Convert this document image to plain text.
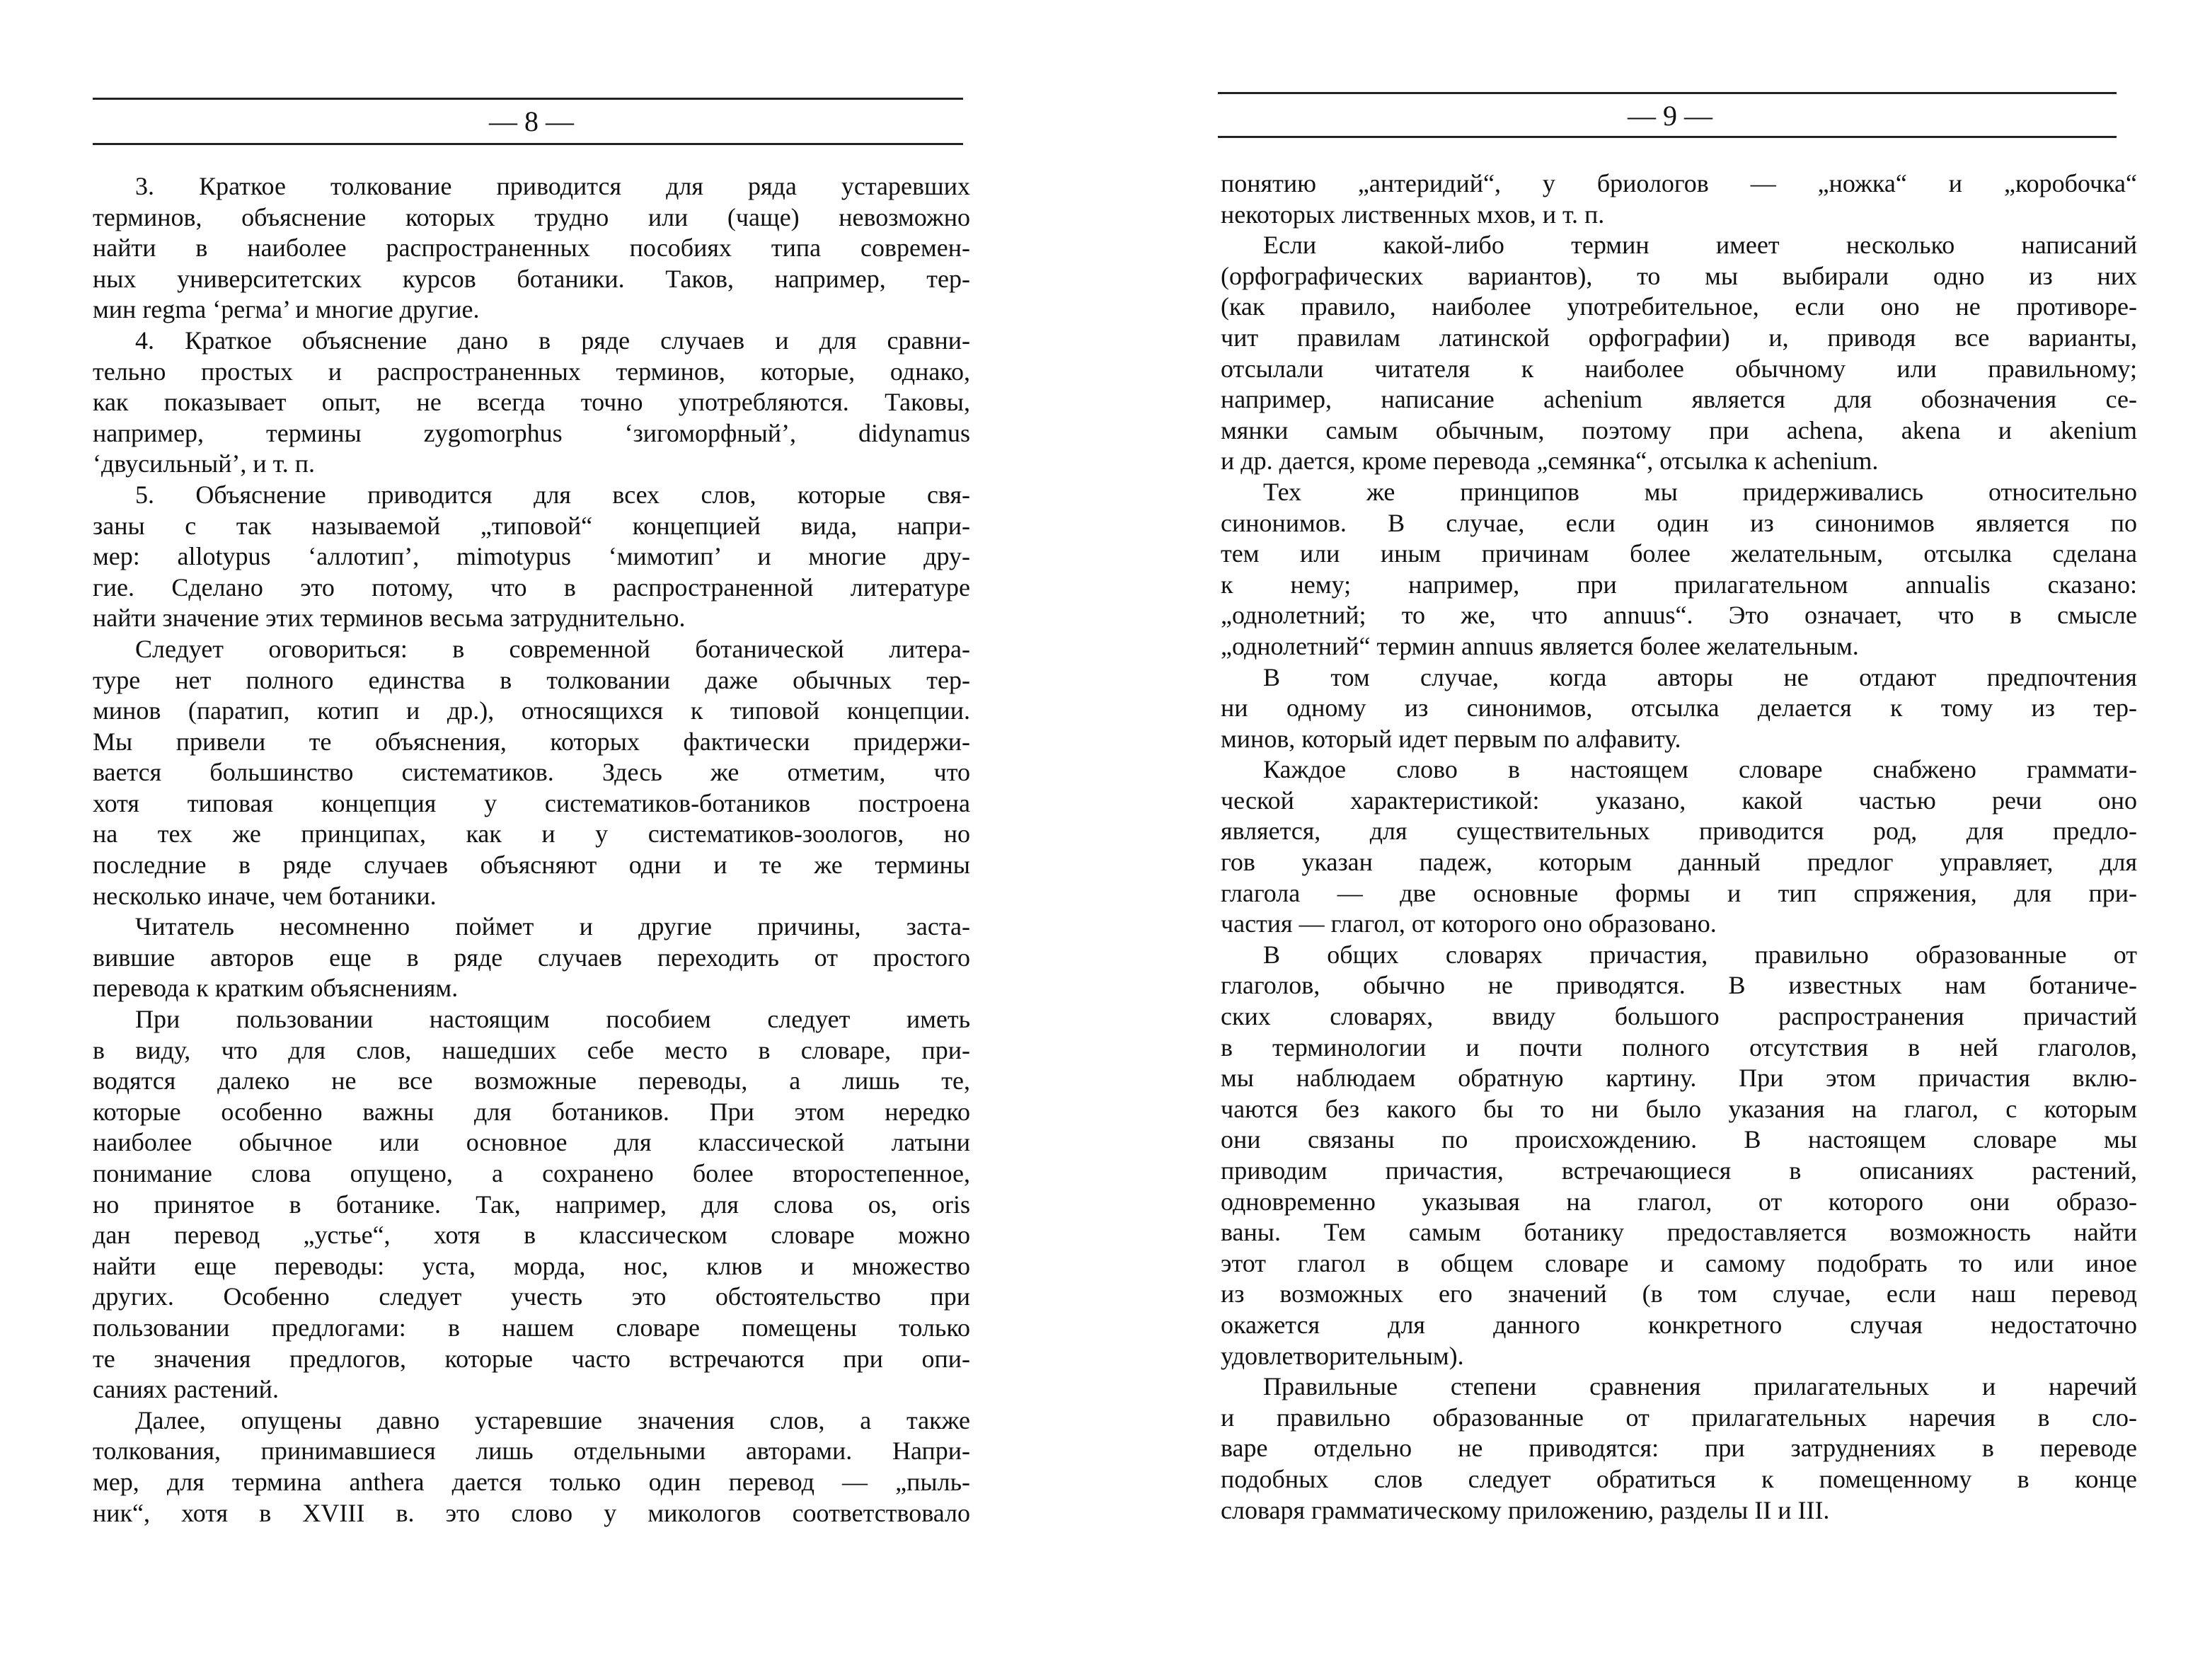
— 8 —
3. Краткое толкование приводится для ряда устаревших
терминов, объяснение которых трудно или (чаще) невозможно
найти в наиболее распространенных пособиях типа современ-
ных университетских курсов ботаники. Таков, например, тер-
мин regma ‘регма’ и многие другие.
4. Краткое объяснение дано в ряде случаев и для сравни-
тельно простых и распространенных терминов, которые, однако,
как показывает опыт, не всегда точно употребляются. Таковы,
например, термины zygomorphus ‘зигоморфный’, didynamus
‘двусильный’, и т. п.
5. Объяснение приводится для всех слов, которые свя-
заны с так называемой „типовой“ концепцией вида, напри-
мер: allotypus ‘аллотип’, mimotypus ‘мимотип’ и многие дру-
гие. Сделано это потому, что в распространенной литературе
найти значение этих терминов весьма затруднительно.
Следует оговориться: в современной ботанической литера-
туре нет полного единства в толковании даже обычных тер-
минов (паратип, котип и др.), относящихся к типовой концепции.
Мы привели те объяснения, которых фактически придержи-
вается большинство систематиков. Здесь же отметим, что
хотя типовая концепция у систематиков-ботаников построена
на тех же принципах, как и у систематиков-зоологов, но
последние в ряде случаев объясняют одни и те же термины
несколько иначе, чем ботаники.
Читатель несомненно поймет и другие причины, заста-
вившие авторов еще в ряде случаев переходить от простого
перевода к кратким объяснениям.
При пользовании настоящим пособием следует иметь
в виду, что для слов, нашедших себе место в словаре, при-
водятся далеко не все возможные переводы, а лишь те,
которые особенно важны для ботаников. При этом нередко
наиболее обычное или основное для классической латыни
понимание слова опущено, а сохранено более второстепенное,
но принятое в ботанике. Так, например, для слова os, oris
дан перевод „устье“, хотя в классическом словаре можно
найти еще переводы: уста, морда, нос, клюв и множество
других. Особенно следует учесть это обстоятельство при
пользовании предлогами: в нашем словаре помещены только
те значения предлогов, которые часто встречаются при опи-
саниях растений.
Далее, опущены давно устаревшие значения слов, а также
толкования, принимавшиеся лишь отдельными авторами. Напри-
мер, для термина anthera дается только один перевод — „пыль-
ник“, хотя в XVIII в. это слово у микологов соответствовало
— 9 —
понятию „антеридий“, у бриологов — „ножка“ и „коробочка“
некоторых лиственных мхов, и т. п.
Если какой-либо термин имеет несколько написаний
(орфографических вариантов), то мы выбирали одно из них
(как правило, наиболее употребительное, если оно не противоре-
чит правилам латинской орфографии) и, приводя все варианты,
отсылали читателя к наиболее обычному или правильному;
например, написание achenium является для обозначения се-
мянки самым обычным, поэтому при achena, akena и akenium
и др. дается, кроме перевода „семянка“, отсылка к achenium.
Тех же принципов мы придерживались относительно
синонимов. В случае, если один из синонимов является по
тем или иным причинам более желательным, отсылка сделана
к нему; например, при прилагательном annualis сказано:
„однолетний; то же, что annuus“. Это означает, что в смысле
„однолетний“ термин annuus является более желательным.
В том случае, когда авторы не отдают предпочтения
ни одному из синонимов, отсылка делается к тому из тер-
минов, который идет первым по алфавиту.
Каждое слово в настоящем словаре снабжено граммати-
ческой характеристикой: указано, какой частью речи оно
является, для существительных приводится род, для предло-
гов указан падеж, которым данный предлог управляет, для
глагола — две основные формы и тип спряжения, для при-
частия — глагол, от которого оно образовано.
В общих словарях причастия, правильно образованные от
глаголов, обычно не приводятся. В известных нам ботаниче-
ских словарях, ввиду большого распространения причастий
в терминологии и почти полного отсутствия в ней глаголов,
мы наблюдаем обратную картину. При этом причастия вклю-
чаются без какого бы то ни было указания на глагол, с которым
они связаны по происхождению. В настоящем словаре мы
приводим причастия, встречающиеся в описаниях растений,
одновременно указывая на глагол, от которого они образо-
ваны. Тем самым ботанику предоставляется возможность найти
этот глагол в общем словаре и самому подобрать то или иное
из возможных его значений (в том случае, если наш перевод
окажется для данного конкретного случая недостаточно
удовлетворительным).
Правильные степени сравнения прилагательных и наречий
и правильно образованные от прилагательных наречия в сло-
варе отдельно не приводятся: при затруднениях в переводе
подобных слов следует обратиться к помещенному в конце
словаря грамматическому приложению, разделы II и III.
